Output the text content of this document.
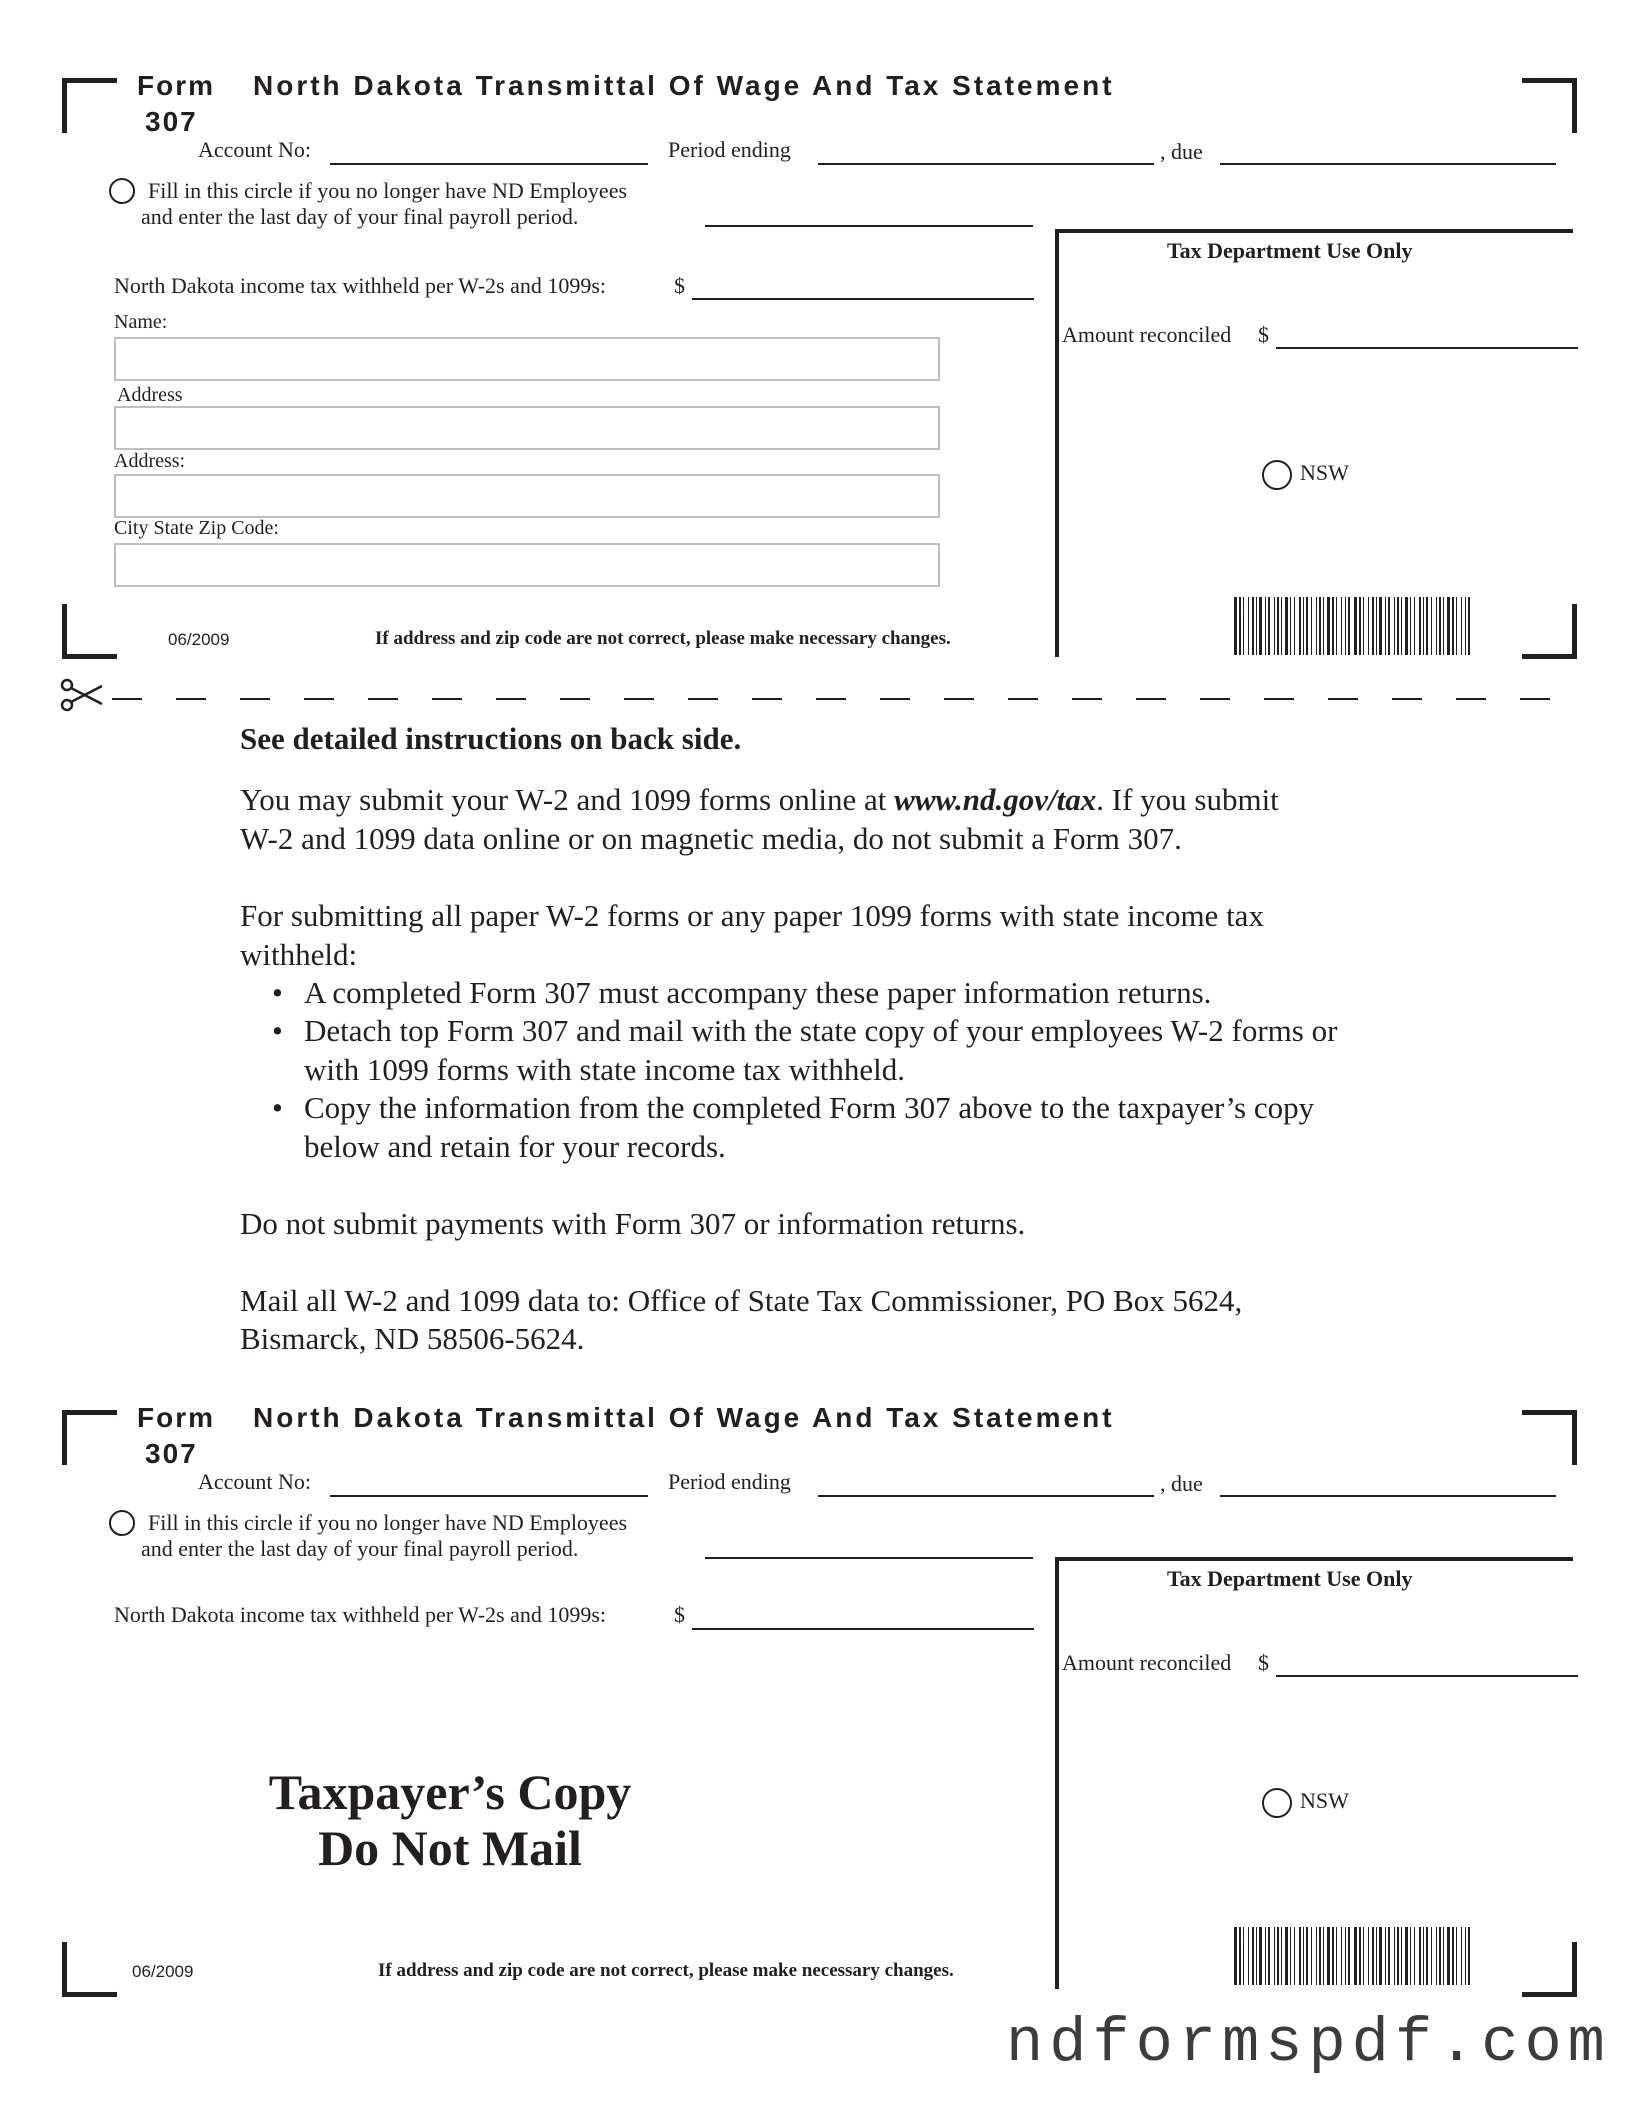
Form
307
North Dakota Transmittal Of Wage And Tax Statement
Account No:	Period ending	, due
Fill in this circle if you no longer have ND Employees
and enter the last day of your final payroll period.
North Dakota income tax withheld per W-2s and 1099s:	$
Name:
Address
Address:
City State Zip Code:
06/2009	If address and zip code are not correct, please make necessary changes.
Tax Department Use Only
Amount reconciled $
NSW
See detailed instructions on back side.
You may submit your W-2 and 1099 forms online at www.nd.gov/tax. If you submit
W-2 and 1099 data online or on magnetic media, do not submit a Form 307.
For submitting all paper W-2 forms or any paper 1099 forms with state income tax
withheld:
• A completed Form 307 must accompany these paper information returns.
• Detach top Form 307 and mail with the state copy of your employees W-2 forms or
with 1099 forms with state income tax withheld.
• Copy the information from the completed Form 307 above to the taxpayer’s copy
below and retain for your records.
Do not submit payments with Form 307 or information returns.
Mail all W-2 and 1099 data to: Office of State Tax Commissioner, PO Box 5624,
Bismarck, ND 58506-5624.
Form
307
North Dakota Transmittal Of Wage And Tax Statement
Account No:	Period ending	, due
Fill in this circle if you no longer have ND Employees
and enter the last day of your final payroll period.
North Dakota income tax withheld per W-2s and 1099s:	$
Taxpayer’s Copy
Do Not Mail
06/2009	If address and zip code are not correct, please make necessary changes.
Tax Department Use Only
Amount reconciled $
NSW
ndformspdf.com
